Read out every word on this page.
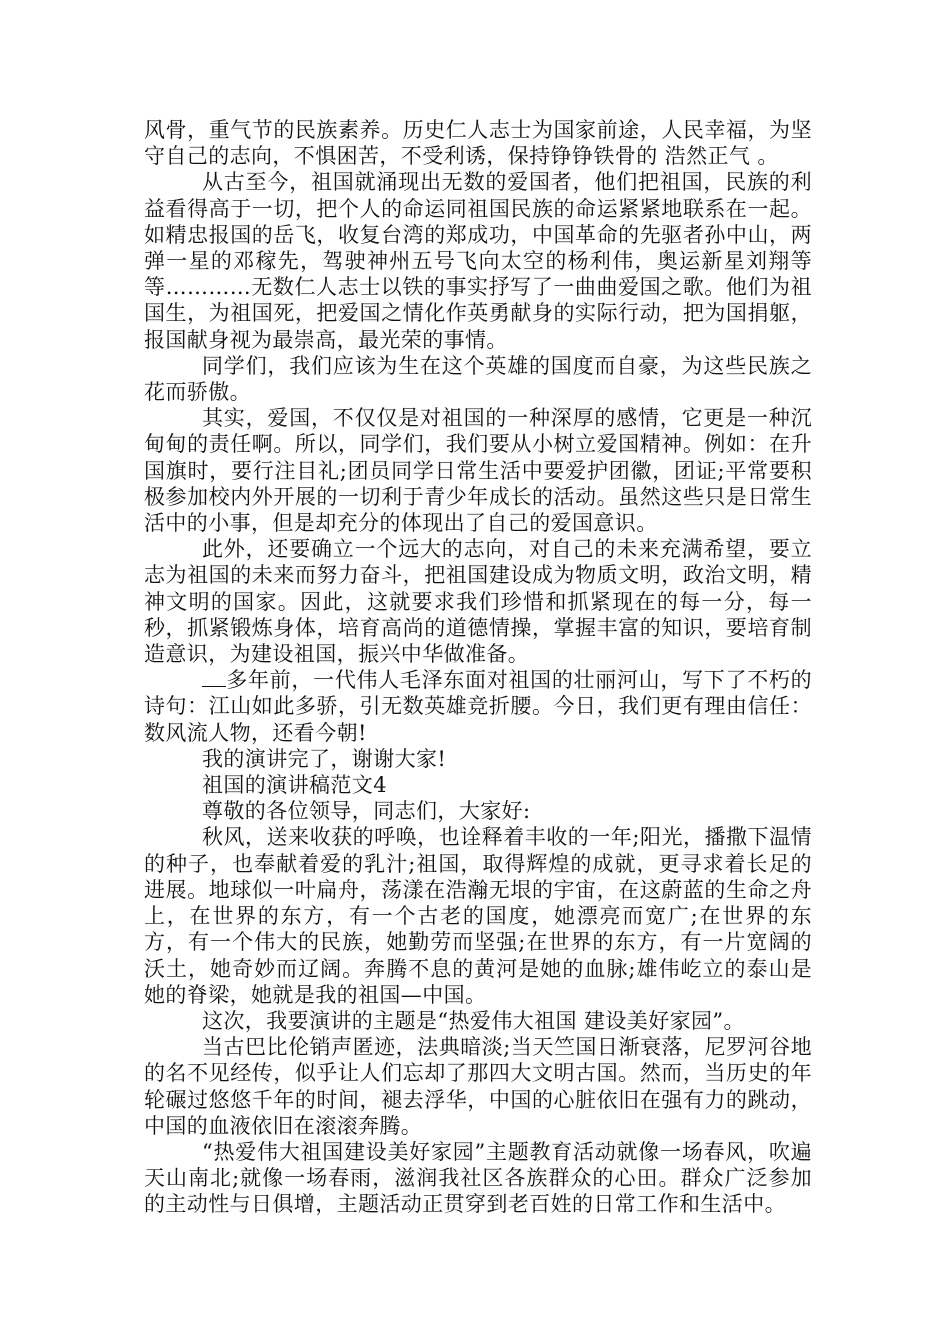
风骨，重气节的民族素养。历史仁人志士为国家前途，人民幸福，为坚守自己的志向，不惧困苦，不受利诱，保持铮铮铁骨的 浩然正气 。

从古至今，祖国就涌现出无数的爱国者，他们把祖国，民族的利益看得高于一切，把个人的命运同祖国民族的命运紧紧地联系在一起。如精忠报国的岳飞，收复台湾的郑成功，中国革命的先驱者孙中山，两弹一星的邓稼先，驾驶神州五号飞向太空的杨利伟，奥运新星刘翔等等…………无数仁人志士以铁的事实抒写了一曲曲爱国之歌。他们为祖国生，为祖国死，把爱国之情化作英勇献身的实际行动，把为国捐躯，报国献身视为最崇高，最光荣的事情。

同学们，我们应该为生在这个英雄的国度而自豪，为这些民族之花而骄傲。

其实，爱国，不仅仅是对祖国的一种深厚的感情，它更是一种沉甸甸的责任啊。所以，同学们，我们要从小树立爱国精神。例如：在升国旗时，要行注目礼;团员同学日常生活中要爱护团徽，团证;平常要积极参加校内外开展的一切利于青少年成长的活动。虽然这些只是日常生活中的小事，但是却充分的体现出了自己的爱国意识。

此外，还要确立一个远大的志向，对自己的未来充满希望，要立志为祖国的未来而努力奋斗，把祖国建设成为物质文明，政治文明，精神文明的国家。因此，这就要求我们珍惜和抓紧现在的每一分，每一秒，抓紧锻炼身体，培育高尚的道德情操，掌握丰富的知识，要培育制造意识，为建设祖国，振兴中华做准备。

多年前，一代伟人毛泽东面对祖国的壮丽河山，写下了不朽的诗句：江山如此多骄，引无数英雄竞折腰。今日，我们更有理由信任：数风流人物，还看今朝!

我的演讲完了，谢谢大家!

祖国的演讲稿范文4

尊敬的各位领导，同志们，大家好:

秋风，送来收获的呼唤，也诠释着丰收的一年;阳光，播撒下温情的种子，也奉献着爱的乳汁;祖国，取得辉煌的成就，更寻求着长足的进展。地球似一叶扁舟，荡漾在浩瀚无垠的宇宙，在这蔚蓝的生命之舟上，在世界的东方，有一个古老的国度，她漂亮而宽广;在世界的东方，有一个伟大的民族，她勤劳而坚强;在世界的东方，有一片宽阔的沃土，她奇妙而辽阔。奔腾不息的黄河是她的血脉;雄伟屹立的泰山是她的脊梁，她就是我的祖国—中国。

这次，我要演讲的主题是“热爱伟大祖国 建设美好家园”。

当古巴比伦销声匿迹，法典暗淡;当天竺国日渐衰落，尼罗河谷地的名不见经传，似乎让人们忘却了那四大文明古国。然而，当历史的年轮碾过悠悠千年的时间，褪去浮华，中国的心脏依旧在强有力的跳动，中国的血液依旧在滚滚奔腾。

“热爱伟大祖国建设美好家园”主题教育活动就像一场春风，吹遍天山南北;就像一场春雨，滋润我社区各族群众的心田。群众广泛参加的主动性与日俱增，主题活动正贯穿到老百姓的日常工作和生活中。
